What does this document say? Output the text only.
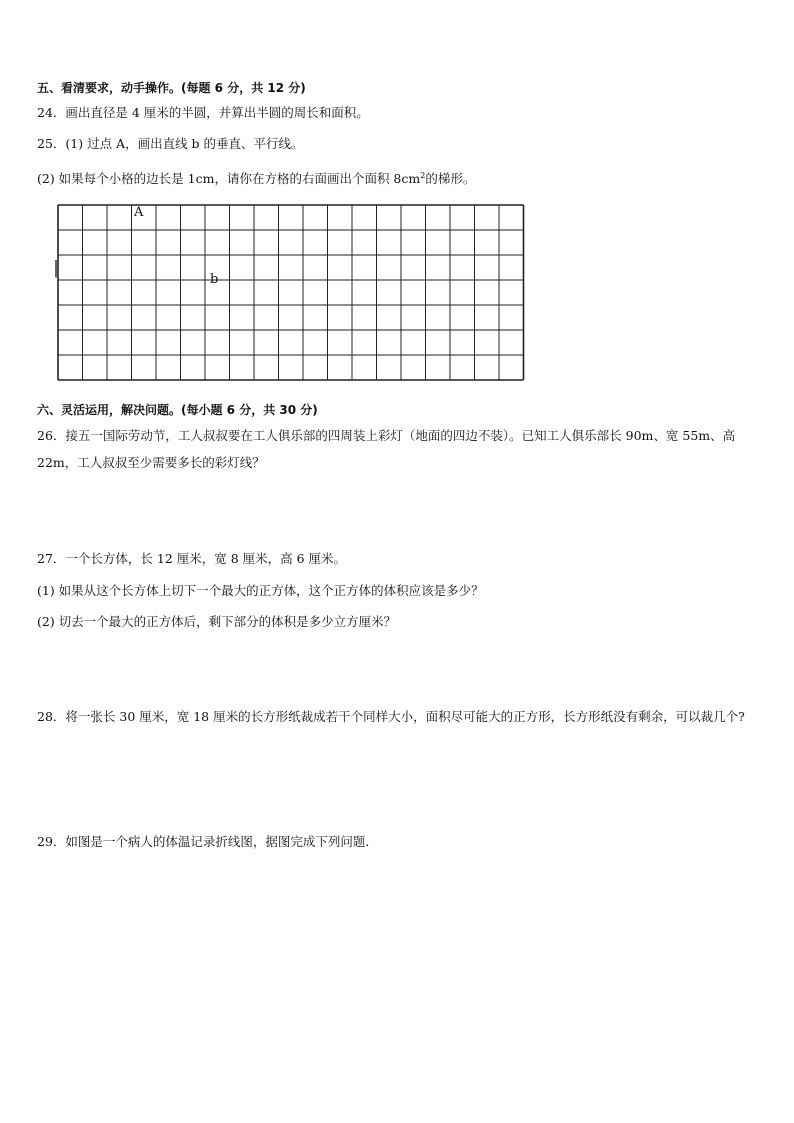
五、看清要求，动手操作。(每题 6 分，共 12 分)
24．画出直径是 4 厘米的半圆，并算出半圆的周长和面积。
25．(1) 过点 A，画出直线 b 的垂直、平行线。
(2) 如果每个小格的边长是 1cm，请你在方格的右面画出个面积 $8cm^2$的梯形。
A
b
六、灵活运用，解决问题。(每小题 6 分，共 30 分)
26．接五一国际劳动节，工人叔叔要在工人俱乐部的四周装上彩灯（地面的四边不装）。已知工人俱乐部长 90m、宽 55m、高 22m，工人叔叔至少需要多长的彩灯线？
27．一个长方体，长 12 厘米，宽 8 厘米，高 6 厘米。
(1) 如果从这个长方体上切下一个最大的正方体，这个正方体的体积应该是多少？
(2) 切去一个最大的正方体后，剩下部分的体积是多少立方厘米？
28．将一张长 30 厘米，宽 18 厘米的长方形纸裁成若干个同样大小，面积尽可能大的正方形，长方形纸没有剩余，可以裁几个?
29．如图是一个病人的体温记录折线图，据图完成下列问题．
